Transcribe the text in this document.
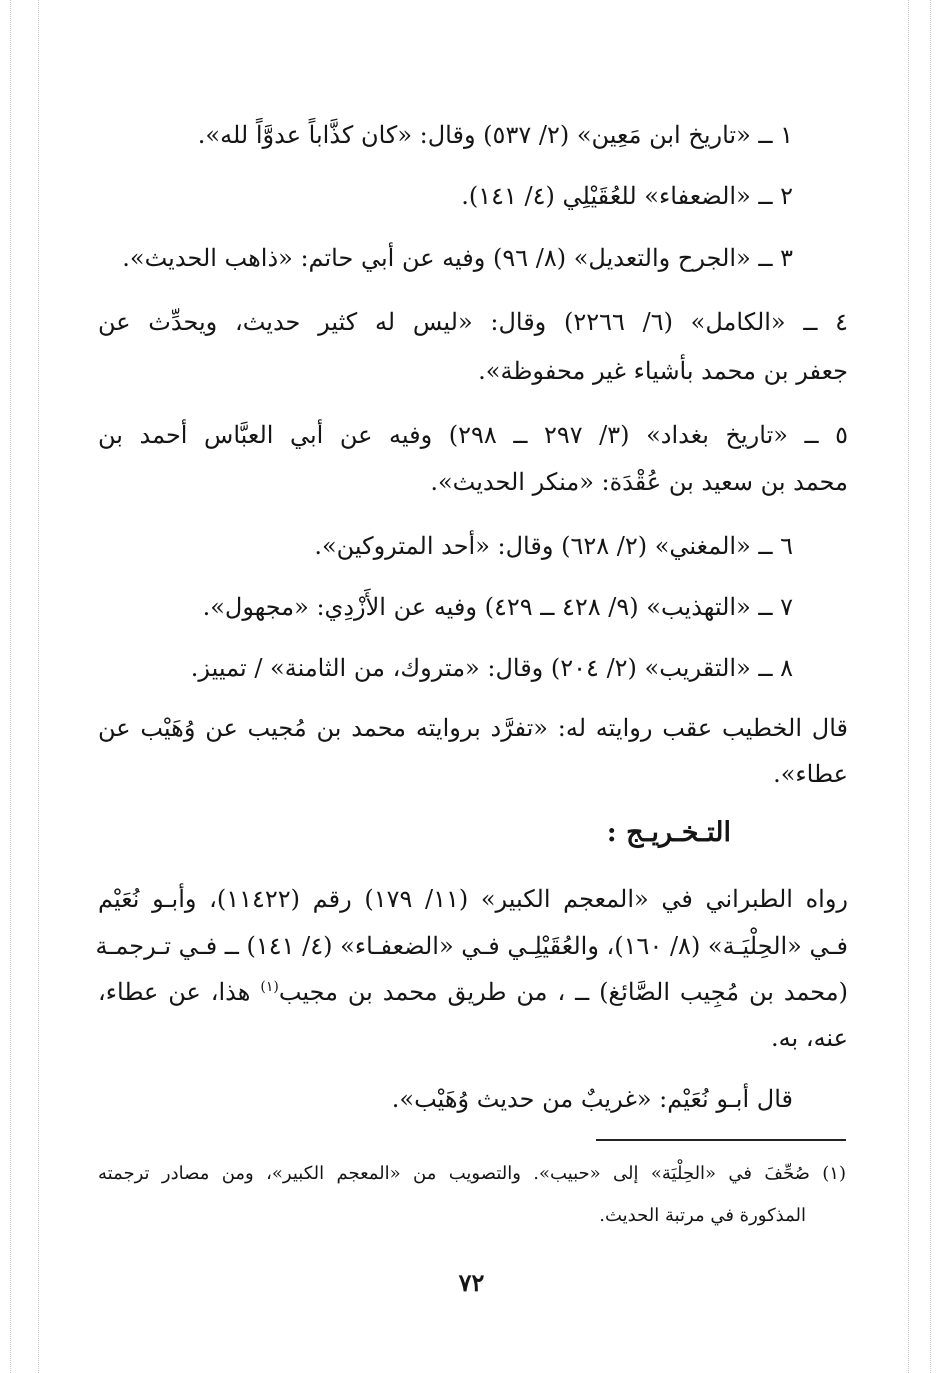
١ ــ «تاريخ ابن مَعِين» (٢/ ٥٣٧) وقال: «كان كذَّاباً عدوَّاً لله».
٢ ــ «الضعفاء» للعُقَيْلِي (٤/ ١٤١).
٣ ــ «الجرح والتعديل» (٨/ ٩٦) وفيه عن أبي حاتم: «ذاهب الحديث».
٤ ــ «الكامل» (٦/ ٢٢٦٦) وقال: «ليس له كثير حديث، ويحدِّث عن
جعفر بن محمد بأشياء غير محفوظة».
٥ ــ «تاريخ بغداد» (٣/ ٢٩٧ ــ ٢٩٨) وفيه عن أبي العبَّاس أحمد بن
محمد بن سعيد بن عُقْدَة: «منكر الحديث».
٦ ــ «المغني» (٢/ ٦٢٨) وقال: «أحد المتروكين».
٧ ــ «التهذيب» (٩/ ٤٢٨ ــ ٤٢٩) وفيه عن الأَزْدِي: «مجهول».
٨ ــ «التقريب» (٢/ ٢٠٤) وقال: «متروك، من الثامنة» / تمييز.
قال الخطيب عقب روايته له: «تفرَّد بروايته محمد بن مُجيب عن وُهَيْب عن
عطاء».
التـخـريـج :
رواه الطبراني في «المعجم الكبير» (١١/ ١٧٩) رقم (١١٤٢٢)، وأبـو نُعَيْم
فـي «الحِلْيَـة» (٨/ ١٦٠)، والعُقَيْلِـي فـي «الضعفـاء» (٤/ ١٤١) ــ فـي تـرجمـة
(محمد بن مُجِيب الصَّائغ) ــ ، من طريق محمد بن مجيب$^{(١)}$ هذا، عن عطاء،
عنه، به.
قال أبـو نُعَيْم: «غريبٌ من حديث وُهَيْب».
(١) صُحِّفَ في «الحِلْيَة» إلى «حبيب». والتصويب من «المعجم الكبير»، ومن مصادر ترجمته
المذكورة في مرتبة الحديث.
٧٢
